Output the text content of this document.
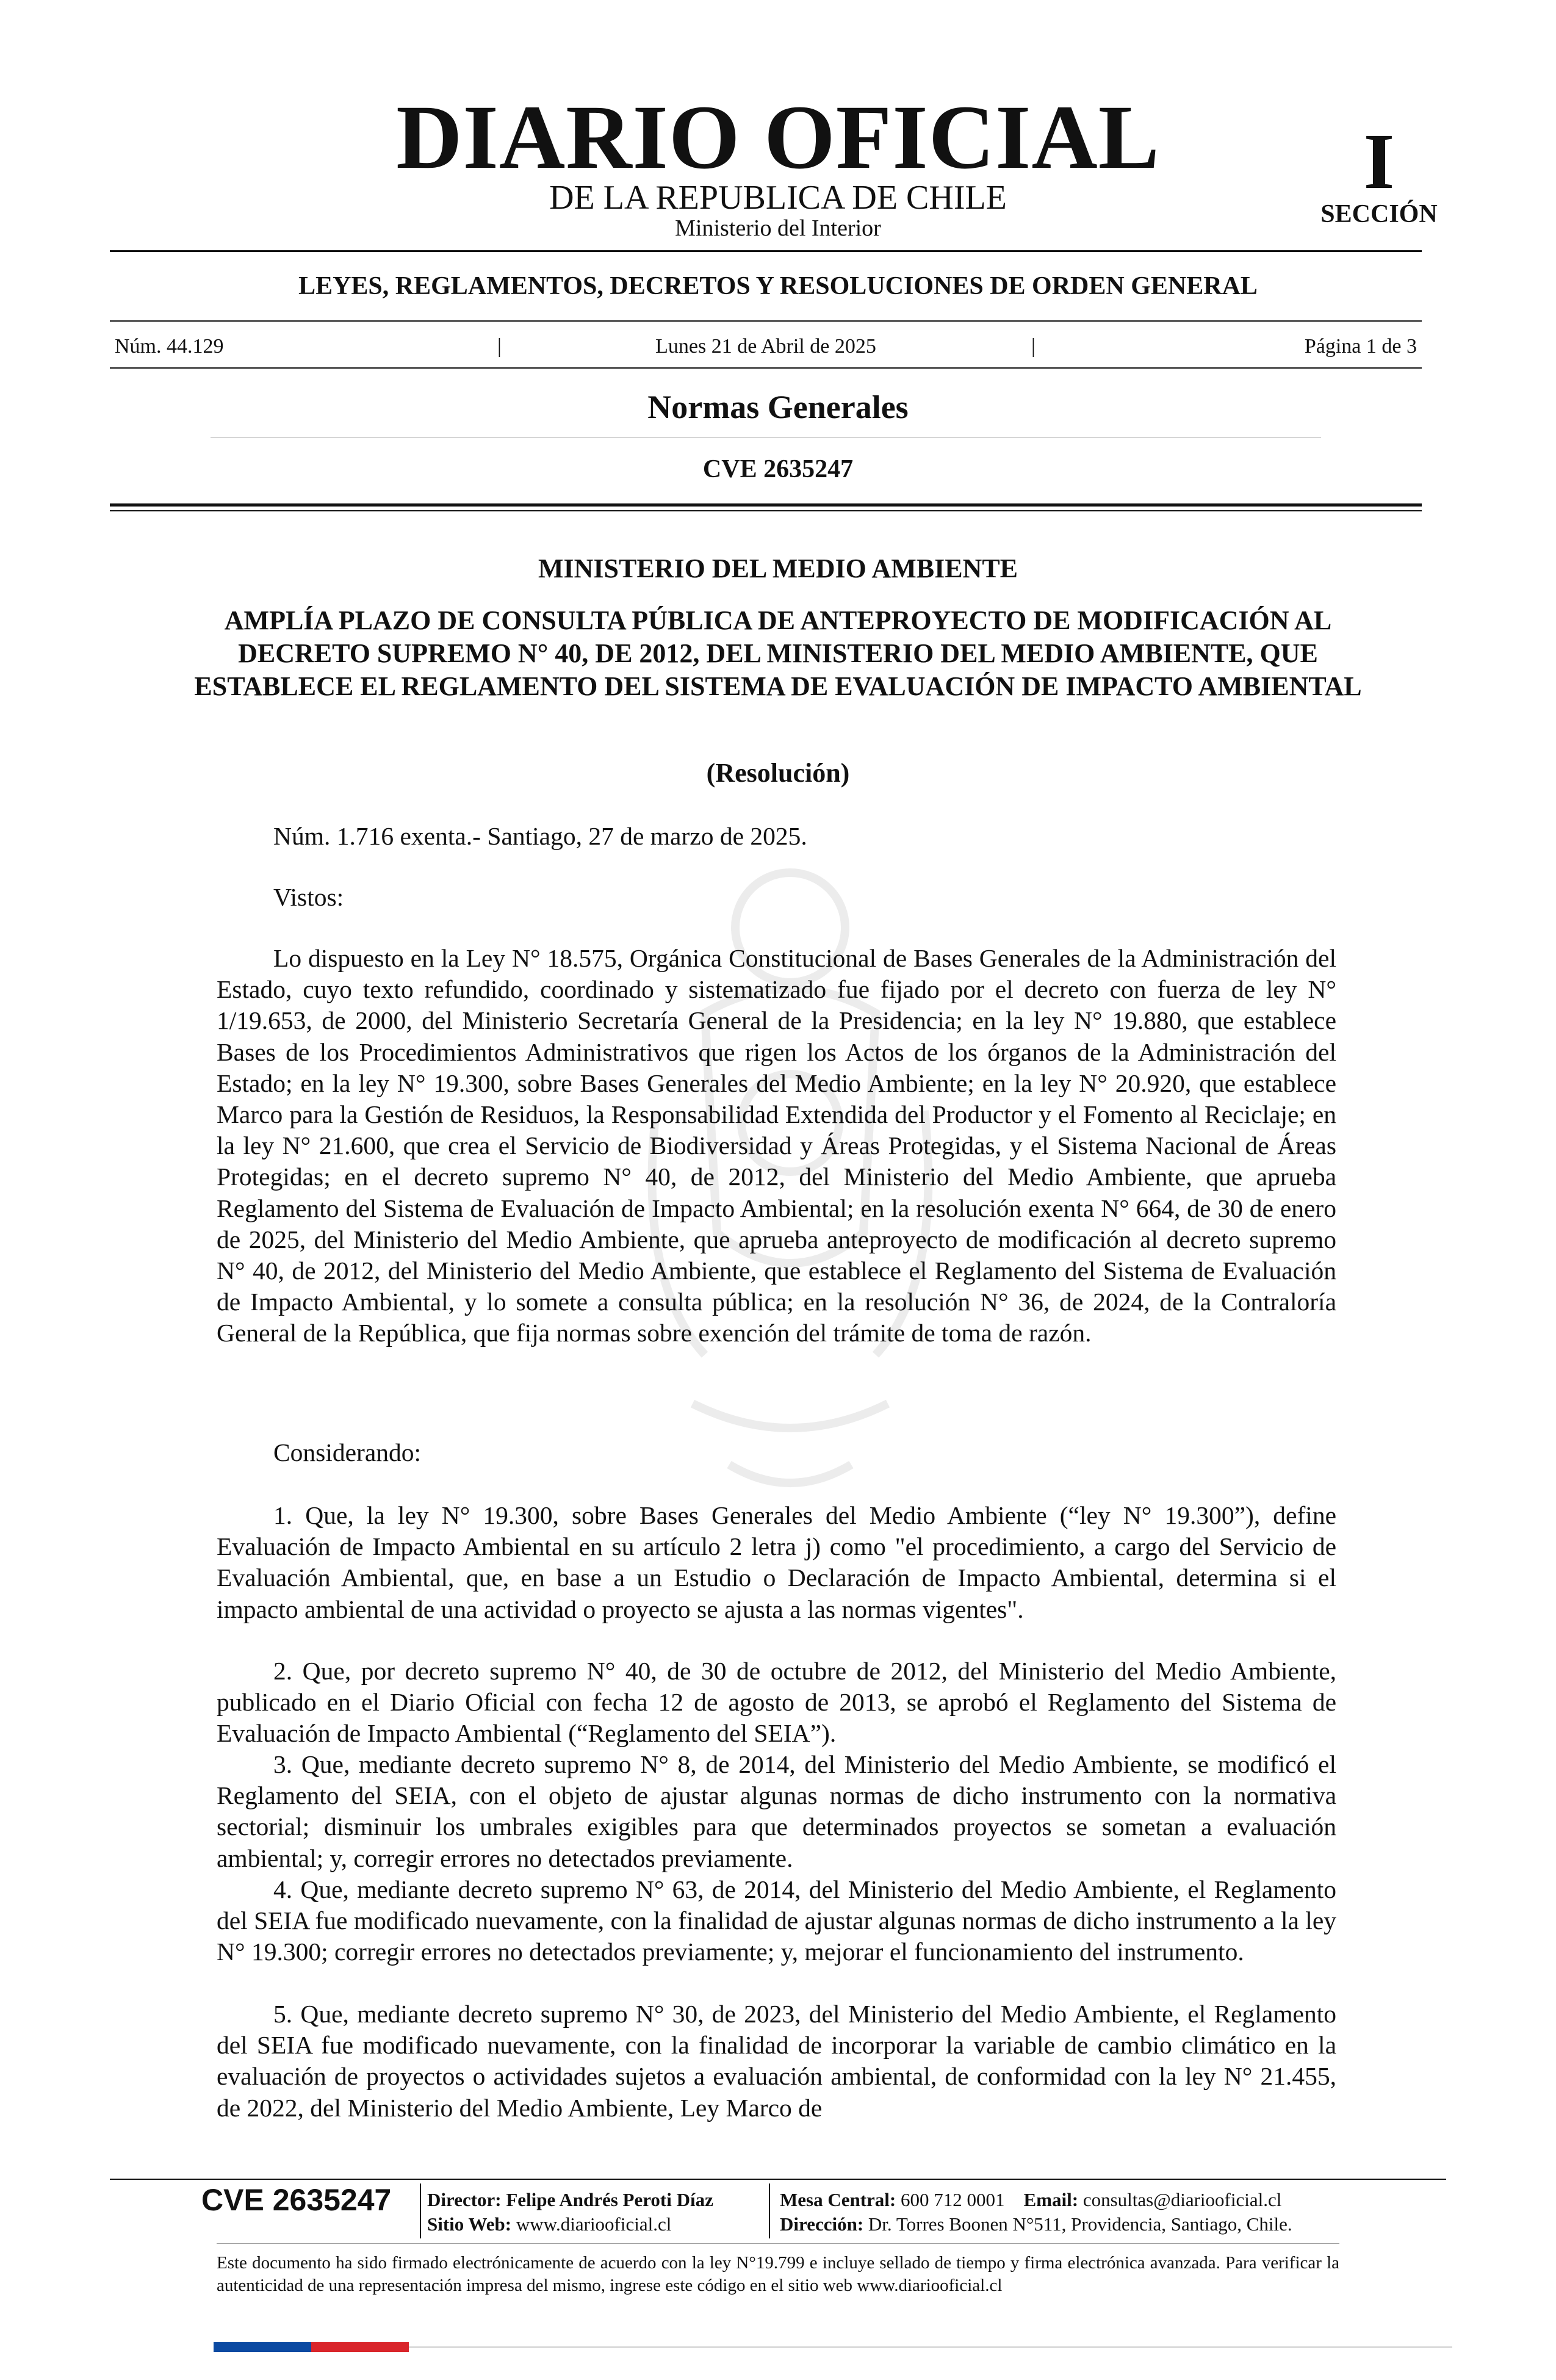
DIARIO OFICIAL
DE LA REPUBLICA DE CHILE
Ministerio del Interior
I
SECCIÓN
LEYES, REGLAMENTOS, DECRETOS Y RESOLUCIONES DE ORDEN GENERAL
Núm. 44.129	|	Lunes 21 de Abril de 2025	|	Página 1 de 3
Normas Generales
CVE 2635247
MINISTERIO DEL MEDIO AMBIENTE
AMPLÍA PLAZO DE CONSULTA PÚBLICA DE ANTEPROYECTO DE MODIFICACIÓN AL DECRETO SUPREMO N° 40, DE 2012, DEL MINISTERIO DEL MEDIO AMBIENTE, QUE ESTABLECE EL REGLAMENTO DEL SISTEMA DE EVALUACIÓN DE IMPACTO AMBIENTAL
(Resolución)

Núm. 1.716 exenta.- Santiago, 27 de marzo de 2025.

Vistos:

Lo dispuesto en la Ley N° 18.575, Orgánica Constitucional de Bases Generales de la Administración del Estado, cuyo texto refundido, coordinado y sistematizado fue fijado por el decreto con fuerza de ley N° 1/19.653, de 2000, del Ministerio Secretaría General de la Presidencia; en la ley N° 19.880, que establece Bases de los Procedimientos Administrativos que rigen los Actos de los órganos de la Administración del Estado; en la ley N° 19.300, sobre Bases Generales del Medio Ambiente; en la ley N° 20.920, que establece Marco para la Gestión de Residuos, la Responsabilidad Extendida del Productor y el Fomento al Reciclaje; en la ley N° 21.600, que crea el Servicio de Biodiversidad y Áreas Protegidas, y el Sistema Nacional de Áreas Protegidas; en el decreto supremo N° 40, de 2012, del Ministerio del Medio Ambiente, que aprueba Reglamento del Sistema de Evaluación de Impacto Ambiental; en la resolución exenta N° 664, de 30 de enero de 2025, del Ministerio del Medio Ambiente, que aprueba anteproyecto de modificación al decreto supremo N° 40, de 2012, del Ministerio del Medio Ambiente, que establece el Reglamento del Sistema de Evaluación de Impacto Ambiental, y lo somete a consulta pública; en la resolución N° 36, de 2024, de la Contraloría General de la República, que fija normas sobre exención del trámite de toma de razón.

Considerando:

1. Que, la ley N° 19.300, sobre Bases Generales del Medio Ambiente (“ley N° 19.300”), define Evaluación de Impacto Ambiental en su artículo 2 letra j) como "el procedimiento, a cargo del Servicio de Evaluación Ambiental, que, en base a un Estudio o Declaración de Impacto Ambiental, determina si el impacto ambiental de una actividad o proyecto se ajusta a las normas vigentes".

2. Que, por decreto supremo N° 40, de 30 de octubre de 2012, del Ministerio del Medio Ambiente, publicado en el Diario Oficial con fecha 12 de agosto de 2013, se aprobó el Reglamento del Sistema de Evaluación de Impacto Ambiental (“Reglamento del SEIA”).

3. Que, mediante decreto supremo N° 8, de 2014, del Ministerio del Medio Ambiente, se modificó el Reglamento del SEIA, con el objeto de ajustar algunas normas de dicho instrumento con la normativa sectorial; disminuir los umbrales exigibles para que determinados proyectos se sometan a evaluación ambiental; y, corregir errores no detectados previamente.

4. Que, mediante decreto supremo N° 63, de 2014, del Ministerio del Medio Ambiente, el Reglamento del SEIA fue modificado nuevamente, con la finalidad de ajustar algunas normas de dicho instrumento a la ley N° 19.300; corregir errores no detectados previamente; y, mejorar el funcionamiento del instrumento.

5. Que, mediante decreto supremo N° 30, de 2023, del Ministerio del Medio Ambiente, el Reglamento del SEIA fue modificado nuevamente, con la finalidad de incorporar la variable de cambio climático en la evaluación de proyectos o actividades sujetos a evaluación ambiental, de conformidad con la ley N° 21.455, de 2022, del Ministerio del Medio Ambiente, Ley Marco de

CVE 2635247 Director: Felipe Andrés Peroti Díaz
Sitio Web: www.diariooficial.cl
Mesa Central: 600 712 0001 Email: consultas@diariooficial.cl
Dirección: Dr. Torres Boonen N°511, Providencia, Santiago, Chile.
Este documento ha sido firmado electrónicamente de acuerdo con la ley N°19.799 e incluye sellado de tiempo y firma electrónica avanzada. Para verificar la autenticidad de una representación impresa del mismo, ingrese este código en el sitio web www.diariooficial.cl
